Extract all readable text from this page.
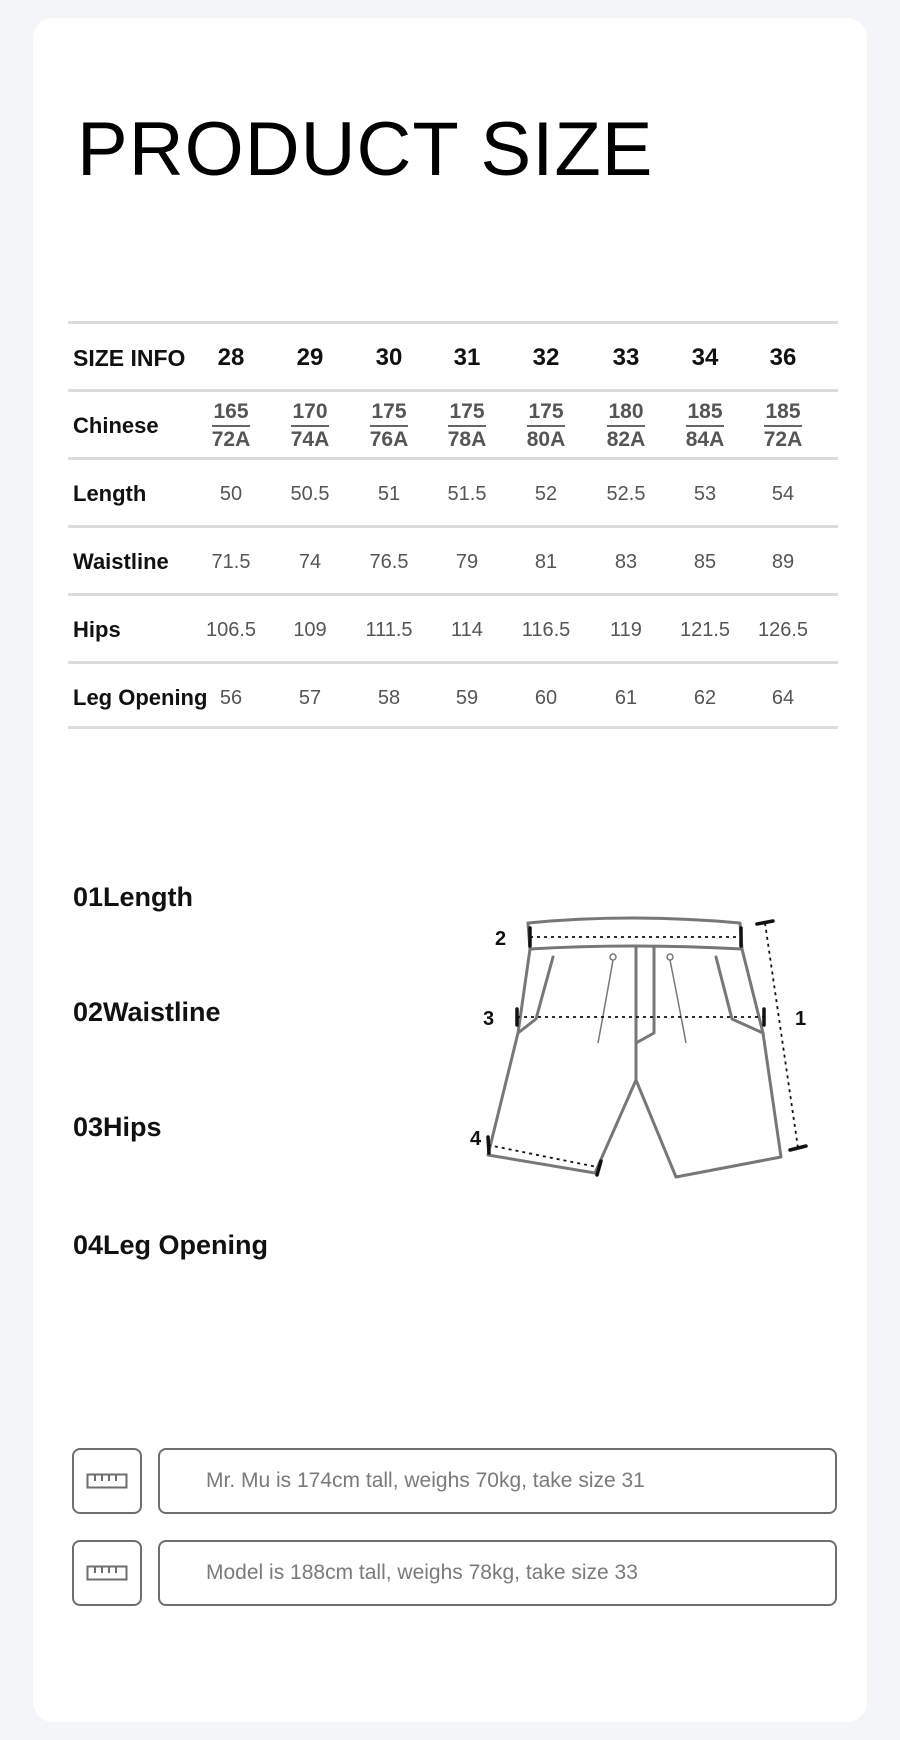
PRODUCT SIZE
SIZE INFO	28	29	30	31	32	33	34	36
Chinese	$\frac{165}{72A} \frac{170}{74A} \frac{175}{76A} \frac{175}{78A} \frac{175}{80A} \frac{180}{82A} \frac{185}{84A} \frac{185}{72A}$
Length	50	50.5	51	51.5	52	52.5	53	54
Waistline	71.5	74	76.5	79	81	83	85	89
Hips	106.5	109	111.5	114	116.5	119	121.5	126.5
Leg Opening 56	57	58	59	60	61	62	64
01Length
02Waistline
03Hips
04Leg Opening
2
3
4
1
Mr. Mu is 174cm tall, weighs 70kg, take size 31
Model is 188cm tall, weighs 78kg, take size 33
